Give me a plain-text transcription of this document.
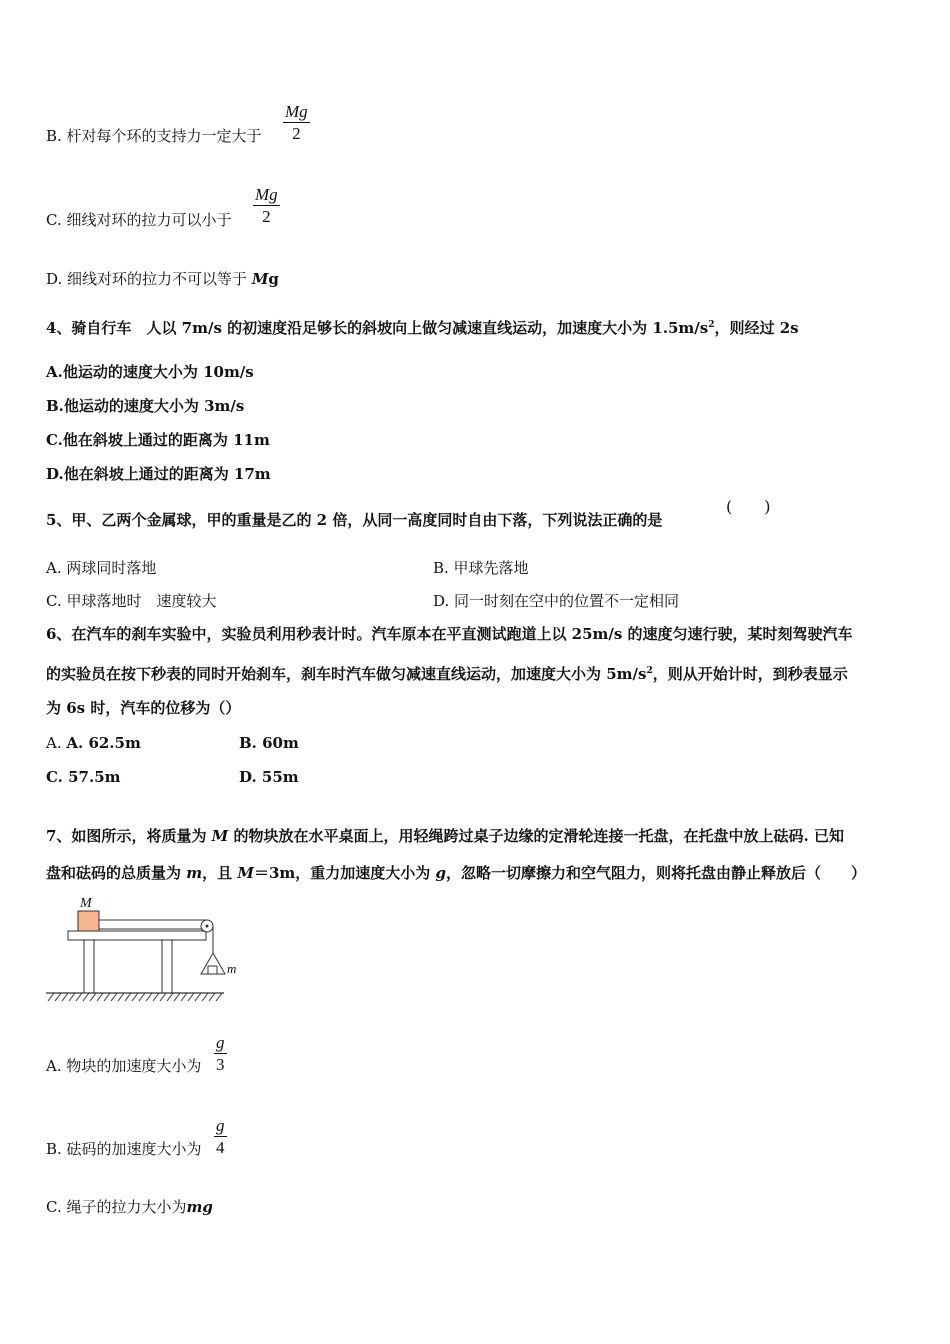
B. 杆对每个环的支持力一定大于
Mg
2
C. 细线对环的拉力可以小于
Mg
2
D. 细线对环的拉力不可以等于 Mg
4、骑自行车　人以 7m/s 的初速度沿足够长的斜坡向上做匀减速直线运动，加速度大小为 $1.5m/s^2$，则经过 2s
A.他运动的速度大小为 10m/s
B.他运动的速度大小为 3m/s
C.他在斜坡上通过的距离为 11m
D.他在斜坡上通过的距离为 17m
5、甲、乙两个金属球，甲的重量是乙的 2 倍，从同一高度同时自由下落，下列说法正确的是
(　　)
A. 两球同时落地	B. 甲球先落地
C. 甲球落地时　速度较大	D. 同一时刻在空中的位置不一定相同
6、在汽车的刹车实验中，实验员利用秒表计时。汽车原本在平直测试跑道上以 25m/s 的速度匀速行驶，某时刻驾驶汽车
的实验员在按下秒表的同时开始刹车，刹车时汽车做匀减速直线运动，加速度大小为 $5m/s^2$，则从开始计时，到秒表显示
为 6s 时，汽车的位移为（）
A. A. 62.5m	B. 60m
C. 57.5m	D. 55m
7、如图所示，将质量为 M 的物块放在水平桌面上，用轻绳跨过桌子边缘的定滑轮连接一托盘，在托盘中放上砝码. 已知
盘和砝码的总质量为 m，且 M＝3m，重力加速度大小为 g，忽略一切摩擦力和空气阻力，则将托盘由静止释放后（　　）
M
m
A. 物块的加速度大小为
g
3
B. 砝码的加速度大小为
g
4
C. 绳子的拉力大小为mg
